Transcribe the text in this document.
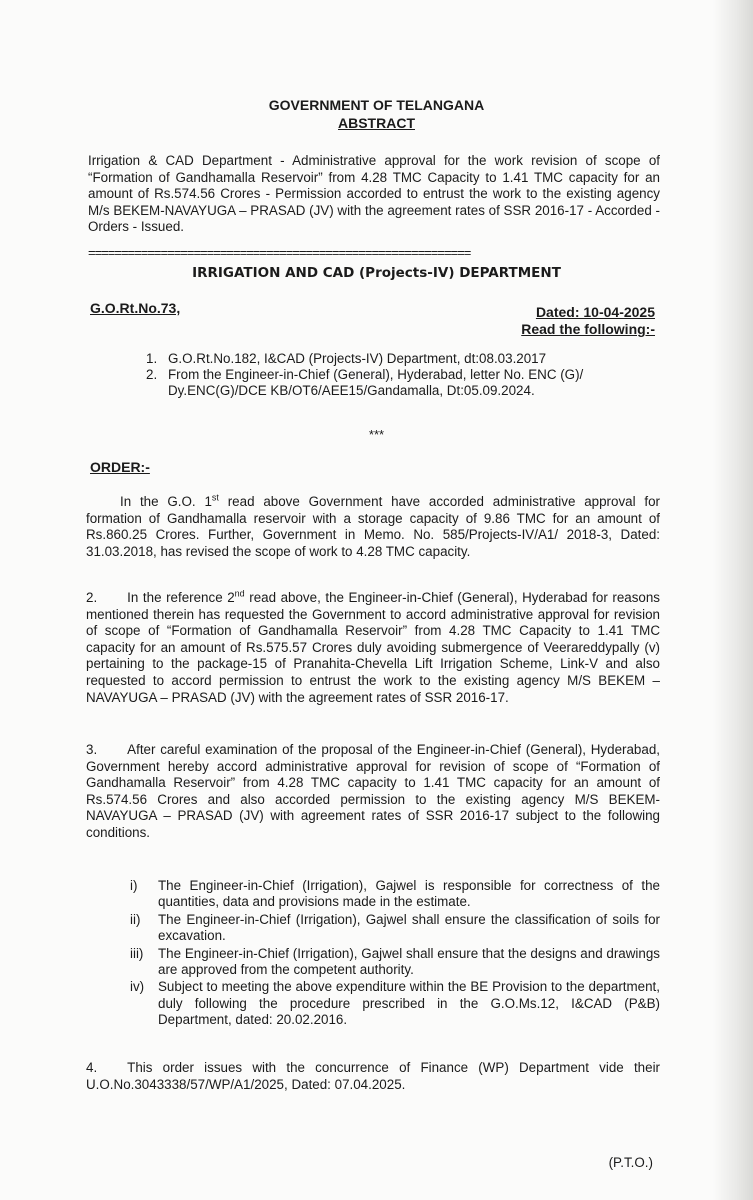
GOVERNMENT OF TELANGANA
ABSTRACT
Irrigation & CAD Department - Administrative approval for the work revision of scope of “Formation of Gandhamalla Reservoir” from 4.28 TMC Capacity to 1.41 TMC capacity for an amount of Rs.574.56 Crores - Permission accorded to entrust the work to the existing agency M/s BEKEM-NAVAYUGA – PRASAD (JV) with the agreement rates of SSR 2016-17 - Accorded - Orders - Issued.
==========================================================
IRRIGATION AND CAD (Projects-IV) DEPARTMENT
G.O.Rt.No.73,	Dated: 10-04-2025
Read the following:-
1. G.O.Rt.No.182, I&CAD (Projects-IV) Department, dt:08.03.2017
2. From the Engineer-in-Chief (General), Hyderabad, letter No. ENC (G)/ Dy.ENC(G)/DCE KB/OT6/AEE15/Gandamalla, Dt:05.09.2024.
***
ORDER:-
In the G.O. 1st read above Government have accorded administrative approval for formation of Gandhamalla reservoir with a storage capacity of 9.86 TMC for an amount of Rs.860.25 Crores. Further, Government in Memo. No. 585/Projects-IV/A1/ 2018-3, Dated: 31.03.2018, has revised the scope of work to 4.28 TMC capacity.
2. In the reference 2nd read above, the Engineer-in-Chief (General), Hyderabad for reasons mentioned therein has requested the Government to accord administrative approval for revision of scope of “Formation of Gandhamalla Reservoir” from 4.28 TMC Capacity to 1.41 TMC capacity for an amount of Rs.575.57 Crores duly avoiding submergence of Veerareddypally (v) pertaining to the package-15 of Pranahita-Chevella Lift Irrigation Scheme, Link-V and also requested to accord permission to entrust the work to the existing agency M/S BEKEM – NAVAYUGA – PRASAD (JV) with the agreement rates of SSR 2016-17.
3. After careful examination of the proposal of the Engineer-in-Chief (General), Hyderabad, Government hereby accord administrative approval for revision of scope of “Formation of Gandhamalla Reservoir” from 4.28 TMC capacity to 1.41 TMC capacity for an amount of Rs.574.56 Crores and also accorded permission to the existing agency M/S BEKEM- NAVAYUGA – PRASAD (JV) with agreement rates of SSR 2016-17 subject to the following conditions.
i) The Engineer-in-Chief (Irrigation), Gajwel is responsible for correctness of the quantities, data and provisions made in the estimate.
ii) The Engineer-in-Chief (Irrigation), Gajwel shall ensure the classification of soils for excavation.
iii) The Engineer-in-Chief (Irrigation), Gajwel shall ensure that the designs and drawings are approved from the competent authority.
iv) Subject to meeting the above expenditure within the BE Provision to the department, duly following the procedure prescribed in the G.O.Ms.12, I&CAD (P&B) Department, dated: 20.02.2016.
4. This order issues with the concurrence of Finance (WP) Department vide their U.O.No.3043338/57/WP/A1/2025, Dated: 07.04.2025.
(P.T.O.)
